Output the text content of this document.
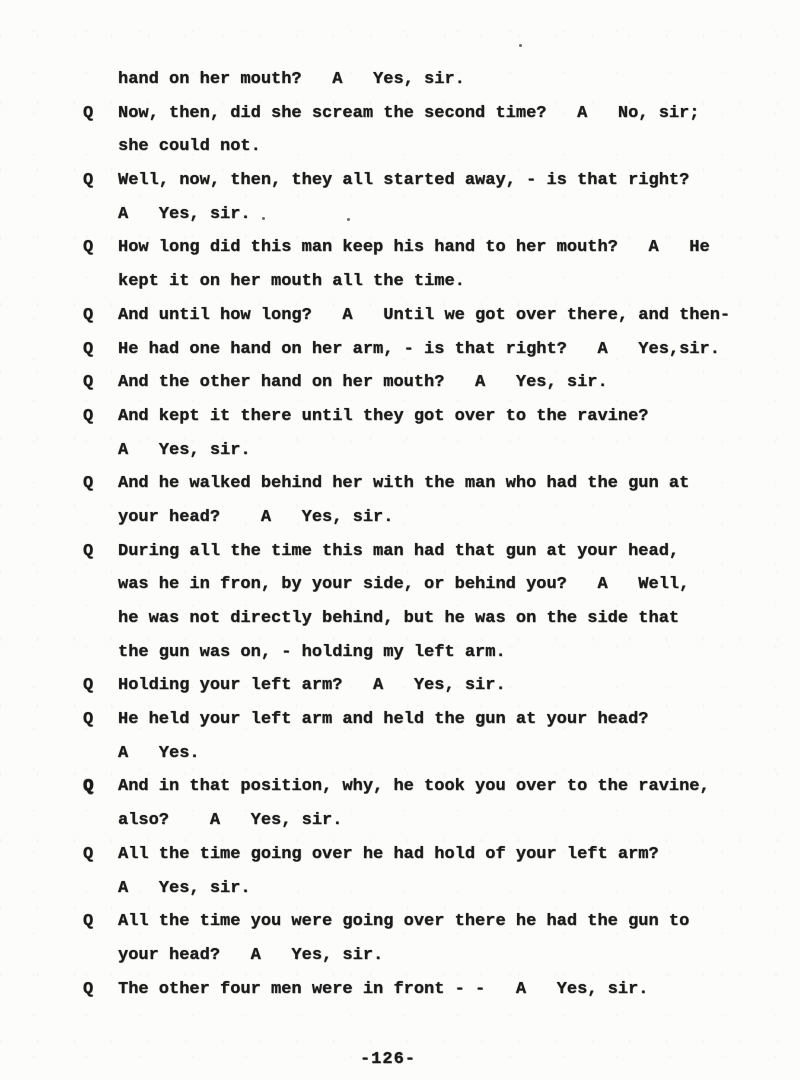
hand on her mouth?   A   Yes, sir.
Q	Now, then, did she scream the second time?   A   No, sir;
she could not.
Q	Well, now, then, they all started away, - is that right?
A   Yes, sir.
Q	How long did this man keep his hand to her mouth?   A   He
kept it on her mouth all the time.
Q	And until how long?   A   Until we got over there, and then-
Q	He had one hand on her arm, - is that right?   A   Yes,sir.
Q	And the other hand on her mouth?   A   Yes, sir.
Q	And kept it there until they got over to the ravine?
A   Yes, sir.
Q	And he walked behind her with the man who had the gun at
your head?    A   Yes, sir.
Q	During all the time this man had that gun at your head,
was he in fron, by your side, or behind you?   A   Well,
he was not directly behind, but he was on the side that
the gun was on, - holding my left arm.
Q	Holding your left arm?   A   Yes, sir.
Q	He held your left arm and held the gun at your head?
A   Yes.
Q	And in that position, why, he took you over to the ravine,
also?    A   Yes, sir.
Q	All the time going over he had hold of your left arm?
A   Yes, sir.
Q	All the time you were going over there he had the gun to
your head?   A   Yes, sir.
Q	The other four men were in front - -   A   Yes, sir.
-126-
